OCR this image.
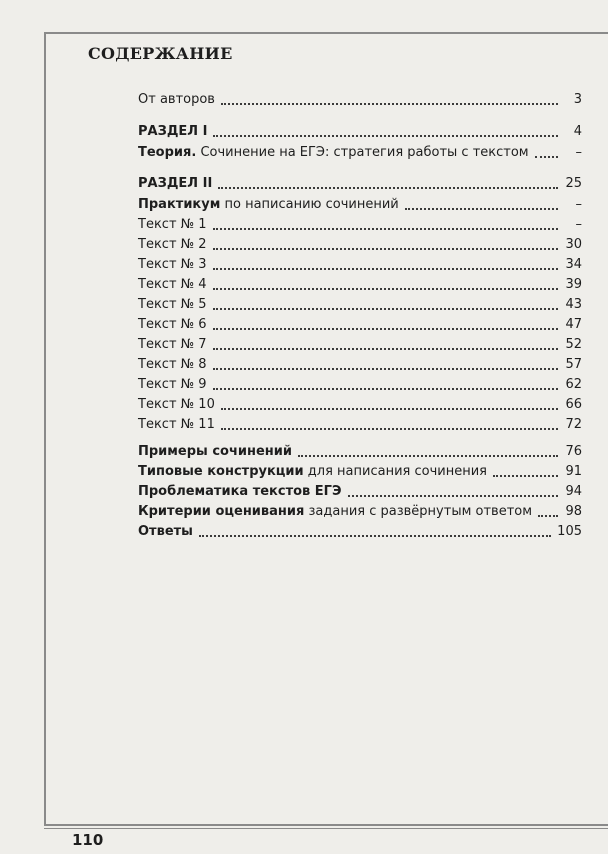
СОДЕРЖАНИЕ
От авторов	3
РАЗДЕЛ I	4
Теория. Сочинение на ЕГЭ: стратегия работы с текстом	–
РАЗДЕЛ II	25
Практикум по написанию сочинений	–
Текст № 1	–
Текст № 2	30
Текст № 3	34
Текст № 4	39
Текст № 5	43
Текст № 6	47
Текст № 7	52
Текст № 8	57
Текст № 9	62
Текст № 10	66
Текст № 11	72
Примеры сочинений	76
Типовые конструкции для написания сочинения	91
Проблематика текстов ЕГЭ	94
Критерии оценивания задания с развёрнутым ответом	98
Ответы	105
110
